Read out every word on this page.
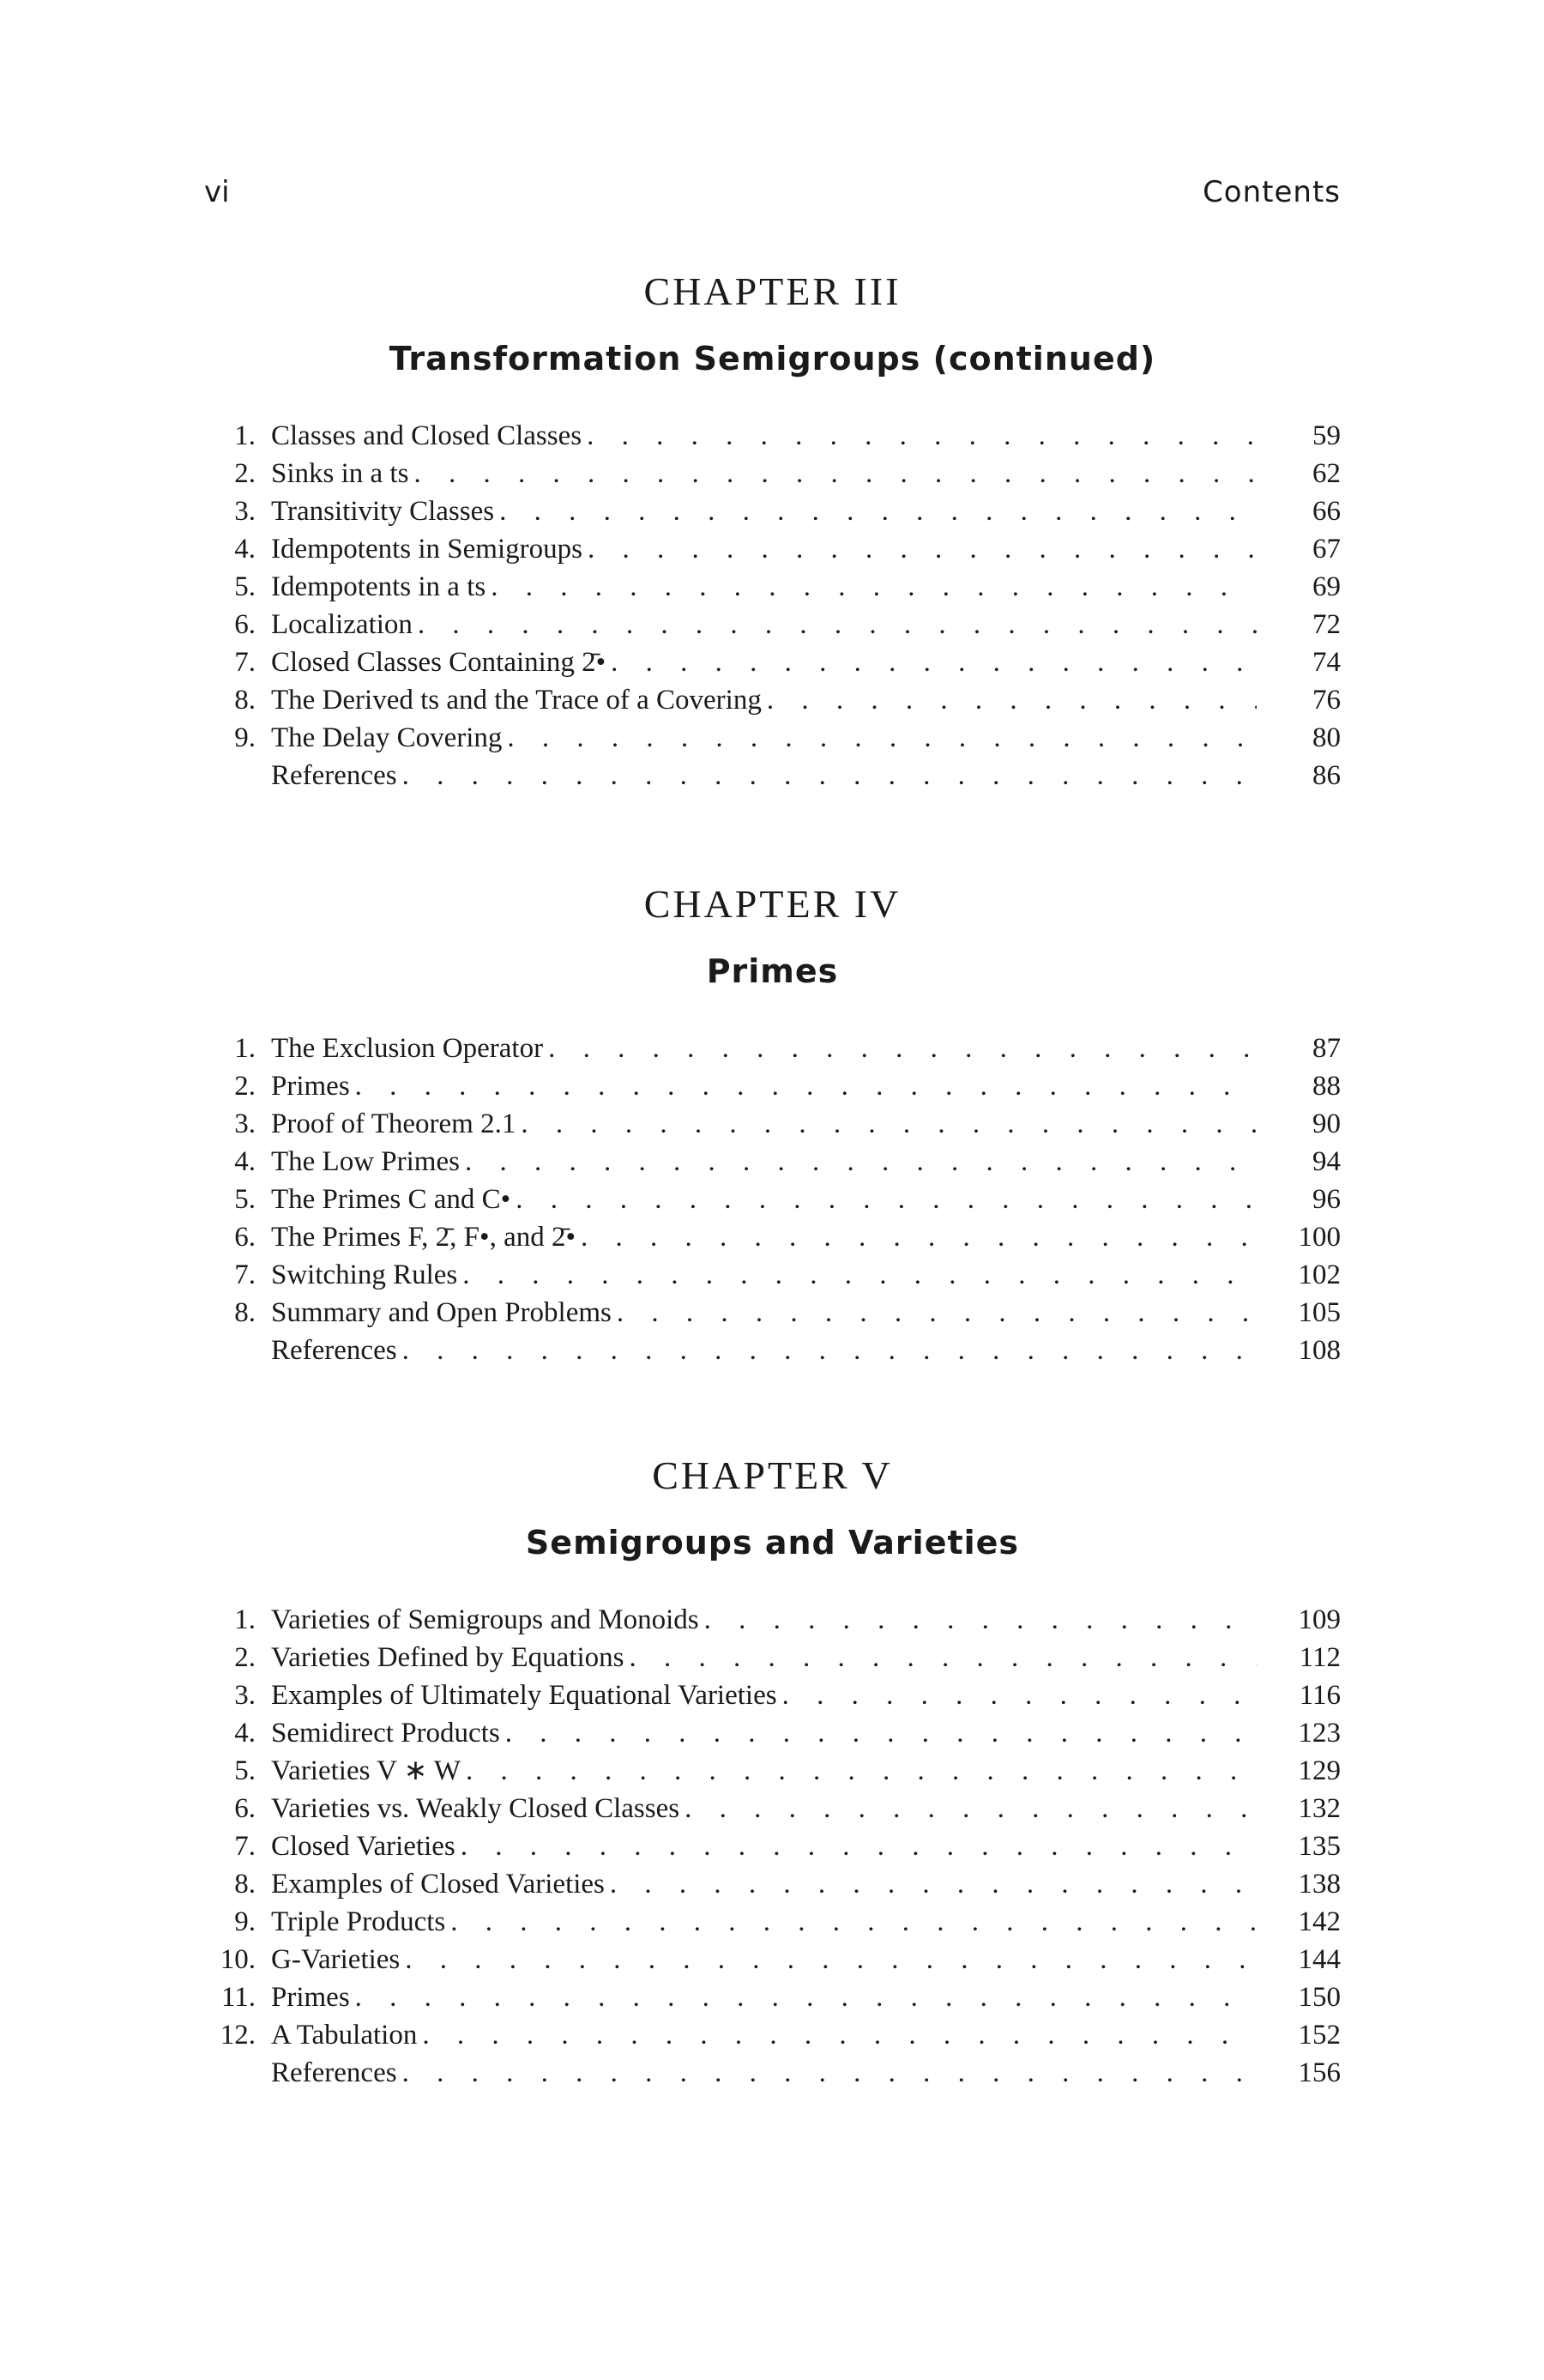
vi	Contents
CHAPTER III
Transformation Semigroups (continued)
1. Classes and Closed Classes . . .	59
2. Sinks in a ts . . .	62
3. Transitivity Classes . . .	66
4. Idempotents in Semigroups . . .	67
5. Idempotents in a ts . . .	69
6. Localization . . .	72
7. Closed Classes Containing 2̄• . . .	74
8. The Derived ts and the Trace of a Covering . . .	76
9. The Delay Covering . . .	80
References . . .	86
CHAPTER IV
Primes
1. The Exclusion Operator . . .	87
2. Primes . . .	88
3. Proof of Theorem 2.1 . . .	90
4. The Low Primes . . .	94
5. The Primes C and C• . . .	96
6. The Primes F, 2̄, F•, and 2̄• . . .	100
7. Switching Rules . . .	102
8. Summary and Open Problems . . .	105
References . . .	108
CHAPTER V
Semigroups and Varieties
1. Varieties of Semigroups and Monoids . . .	109
2. Varieties Defined by Equations . . .	112
3. Examples of Ultimately Equational Varieties . . .	116
4. Semidirect Products . . .	123
5. Varieties V ∗ W . . .	129
6. Varieties vs. Weakly Closed Classes . . .	132
7. Closed Varieties . . .	135
8. Examples of Closed Varieties . . .	138
9. Triple Products . . .	142
10. G-Varieties . . .	144
11. Primes . . .	150
12. A Tabulation . . .	152
References . . .	156
